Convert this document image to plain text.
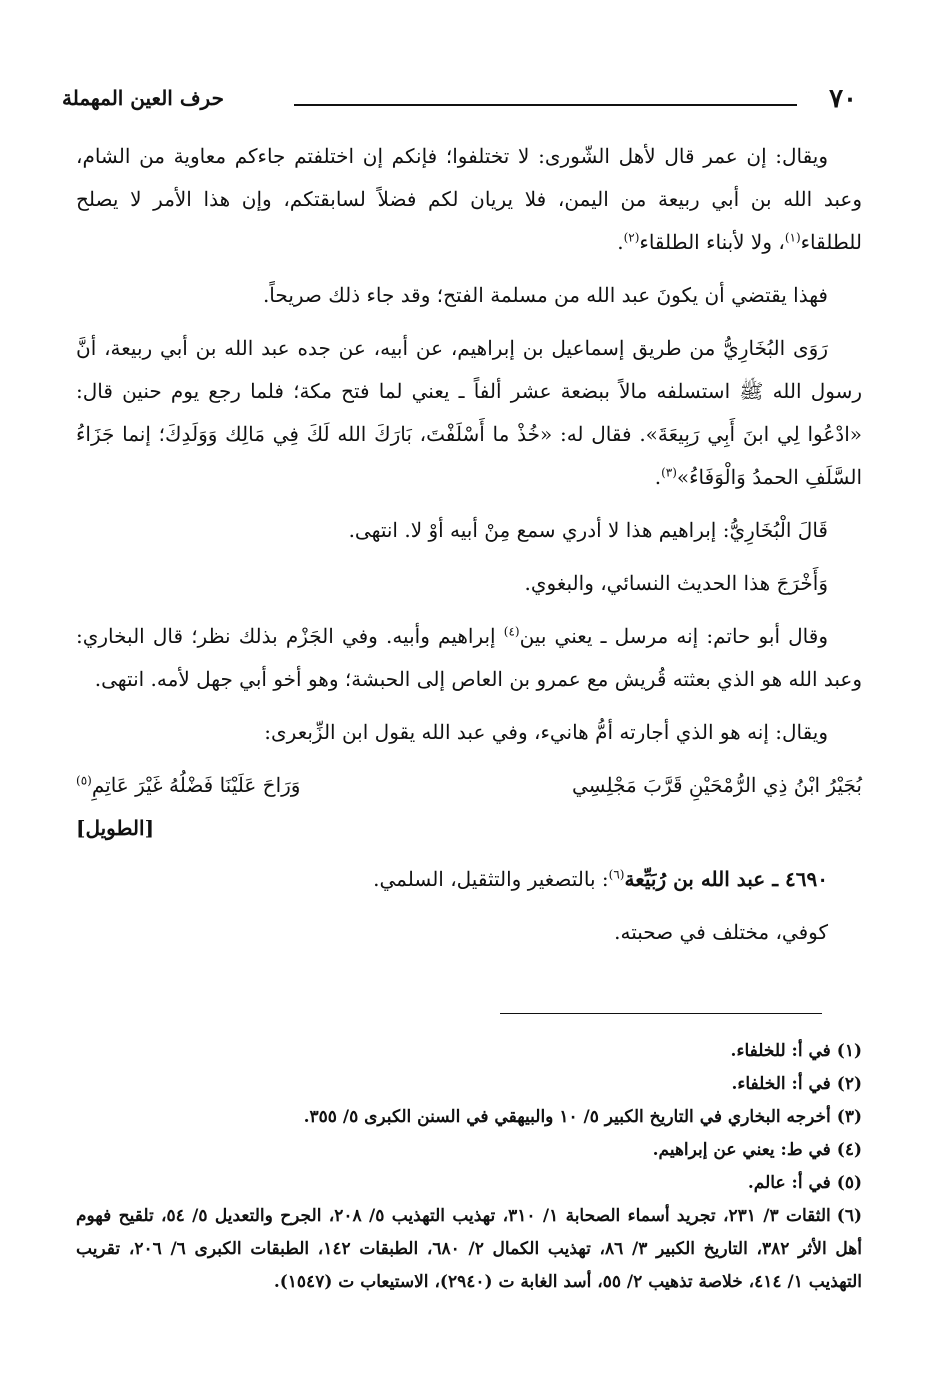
٧٠
حرف العين المهملة

ويقال: إن عمر قال لأهل الشّورى: لا تختلفوا؛ فإنكم إن اختلفتم جاءكم معاوية من الشام، وعبد الله بن أبي ربيعة من اليمن، فلا يريان لكم فضلاً لسابقتكم، وإن هذا الأمر لا يصلح للطلقاء$^{(١)}$، ولا لأبناء الطلقاء$^{(٢)}$.

فهذا يقتضي أن يكونَ عبد الله من مسلمة الفتح؛ وقد جاء ذلك صريحاً.

رَوَى البُخَارِيُّ من طريق إسماعيل بن إبراهيم، عن أبيه، عن جده عبد الله بن أبي ربيعة، أنَّ رسول الله ﷺ استسلفه مالاً ببضعة عشر ألفاً ـ يعني لما فتح مكة؛ فلما رجع يوم حنين قال: «ادْعُوا لِي ابنَ أَبِي رَبِيعَةَ». فقال له: «خُذْ ما أَسْلَفْتَ، بَارَكَ الله لَكَ فِي مَالِك وَوَلَدِكَ؛ إنما جَزَاءُ السَّلَفِ الحمدُ وَالْوَفَاءُ»$^{(٣)}$.

قَالَ الْبُخَارِيُّ: إبراهيم هذا لا أدري سمع مِنْ أبيه أوْ لا. انتهى.

وَأَخْرَجَ هذا الحديث النسائي، والبغوي.

وقال أبو حاتم: إنه مرسل ـ يعني بين$^{(٤)}$ إبراهيم وأبيه. وفي الجَزْم بذلك نظر؛ قال البخاري: وعبد الله هو الذي بعثته قُريش مع عمرو بن العاص إلى الحبشة؛ وهو أخو أبي جهل لأمه. انتهى.

ويقال: إنه هو الذي أجارته أمُّ هانيء، وفي عبد الله يقول ابن الزِّبعرى:

بُجَيْرُ ابْنُ ذِي الرُّمْحَيْنِ قَرَّبَ مَجْلِسِي
وَرَاحَ عَلَيْنَا فَضْلُهُ غَيْرَ عَاتِمِ$^{(٥)}$
[الطويل]

٤٦٩٠ ـ عبد الله بن رُبَيِّعة$^{(٦)}$: بالتصغير والتثقيل، السلمي.

كوفي، مختلف في صحبته.

(١)في أ: للخلفاء.
(٢)في أ: الخلفاء.
(٣)أخرجه البخاري في التاريخ الكبير ٥/ ١٠ والبيهقي في السنن الكبرى ٥/ ٣٥٥.
(٤)في ط: يعني عن إبراهيم.
(٥)في أ: عالم.
(٦)الثقات ٣/ ٢٣١، تجريد أسماء الصحابة ١/ ٣١٠، تهذيب التهذيب ٥/ ٢٠٨، الجرح والتعديل ٥/ ٥٤، تلقيح فهوم أهل الأثر ٣٨٢، التاريخ الكبير ٣/ ٨٦، تهذيب الكمال ٢/ ٦٨٠، الطبقات ١٤٢، الطبقات الكبرى ٦/ ٢٠٦، تقريب التهذيب ١/ ٤١٤، خلاصة تذهيب ٢/ ٥٥، أسد الغابة ت (٢٩٤٠)، الاستيعاب ت (١٥٤٧).
